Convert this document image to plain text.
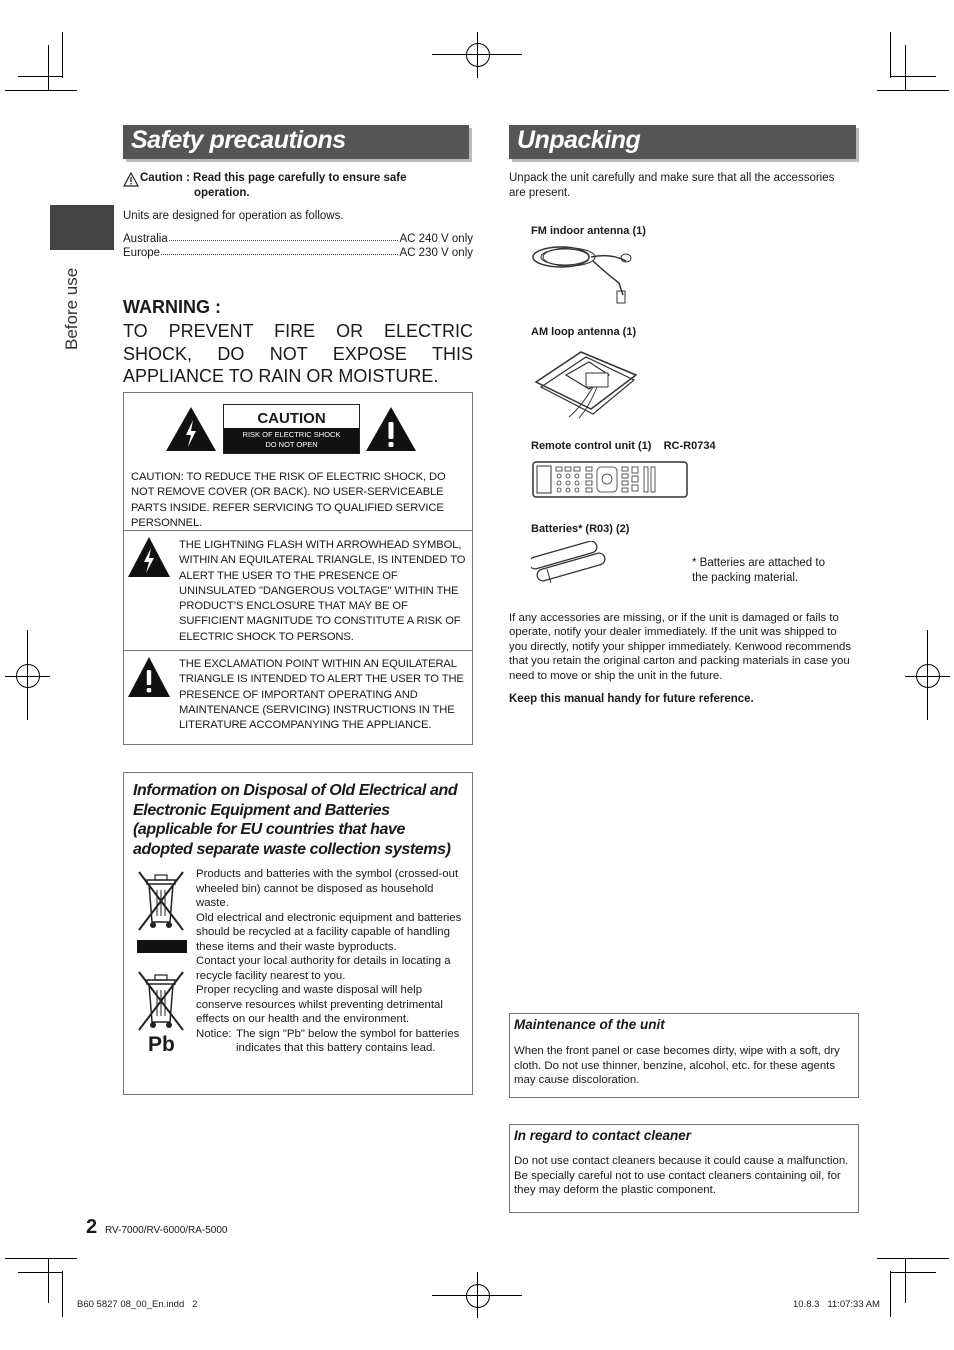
Before use
Safety precautions
Caution : Read this page carefully to ensure safe
operation.
Units are designed for operation as follows.
Australia	AC 240 V only
Europe	AC 230 V only
WARNING :
TO PREVENT FIRE OR ELECTRIC SHOCK, DO NOT EXPOSE THIS APPLIANCE TO RAIN OR MOISTURE.
CAUTION
RISK OF ELECTRIC SHOCK
DO NOT OPEN
CAUTION: TO REDUCE THE RISK OF ELECTRIC SHOCK, DO NOT REMOVE COVER (OR BACK). NO USER-SERVICEABLE PARTS INSIDE. REFER SERVICING TO QUALIFIED SERVICE PERSONNEL.
THE LIGHTNING FLASH WITH ARROWHEAD SYMBOL, WITHIN AN EQUILATERAL TRIANGLE, IS INTENDED TO ALERT THE USER TO THE PRESENCE OF UNINSULATED "DANGEROUS VOLTAGE" WITHIN THE PRODUCT’S ENCLOSURE THAT MAY BE OF SUFFICIENT MAGNITUDE TO CONSTITUTE A RISK OF ELECTRIC SHOCK TO PERSONS.
THE EXCLAMATION POINT WITHIN AN EQUILATERAL TRIANGLE IS INTENDED TO ALERT THE USER TO THE PRESENCE OF IMPORTANT OPERATING AND MAINTENANCE (SERVICING) INSTRUCTIONS IN THE LITERATURE ACCOMPANYING THE APPLIANCE.
Information on Disposal of Old Electrical and Electronic Equipment and Batteries (applicable for EU countries that have adopted separate waste collection systems)
Pb
Products and batteries with the symbol (crossed-out wheeled bin) cannot be disposed as household waste.
Old electrical and electronic equipment and batteries should be recycled at a facility capable of handling these items and their waste byproducts.
Contact your local authority for details in locating a recycle facility nearest to you.
Proper recycling and waste disposal will help conserve resources whilst preventing detrimental effects on our health and the environment.
Notice: The sign "Pb" below the symbol for batteries indicates that this battery contains lead.
Unpacking
Unpack the unit carefully and make sure that all the accessories are present.
FM indoor antenna (1)
AM loop antenna (1)
Remote control unit (1)    RC-R0734
Batteries* (R03) (2)
* Batteries are attached to the packing material.
If any accessories are missing, or if the unit is damaged or fails to operate, notify your dealer immediately. If the unit was shipped to you directly, notify your shipper immediately. Kenwood recommends that you retain the original carton and packing materials in case you need to move or ship the unit in the future.
Keep this manual handy for future reference.
Maintenance of the unit
When the front panel or case becomes dirty, wipe with a soft, dry cloth. Do not use thinner, benzine, alcohol, etc. for these agents may cause discoloration.
In regard to contact cleaner
Do not use contact cleaners because it could cause a malfunction. Be specially careful not to use contact cleaners containing oil, for they may deform the plastic component.
2 RV-7000/RV-6000/RA-5000
B60 5827 08_00_En.indd   2	10.8.3   11:07:33 AM
